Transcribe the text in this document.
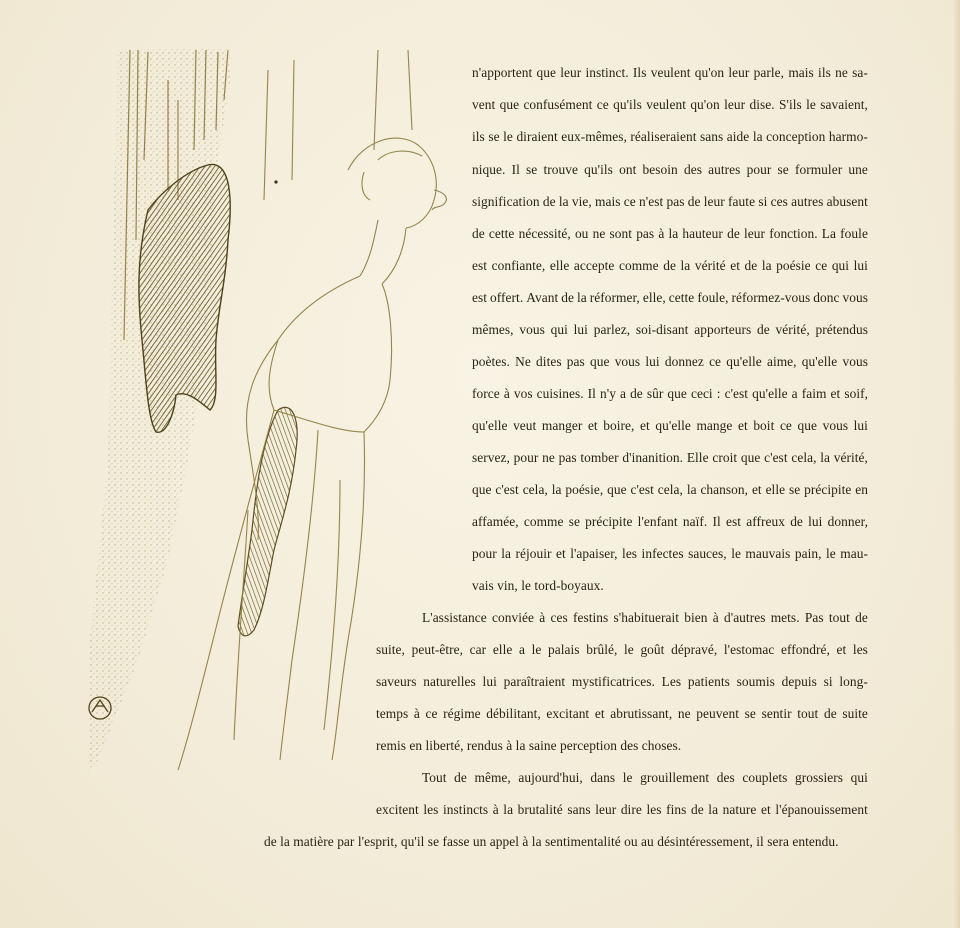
n'apportent que leur instinct. Ils veulent qu'on leur parle, mais ils ne sa-
vent que confusément ce qu'ils veulent qu'on leur dise. S'ils le savaient,
ils se le diraient eux-mêmes, réaliseraient sans aide la conception harmo-
nique. Il se trouve qu'ils ont besoin des autres pour se formuler une
signification de la vie, mais ce n'est pas de leur faute si ces autres abusent
de cette nécessité, ou ne sont pas à la hauteur de leur fonction. La foule
est confiante, elle accepte comme de la vérité et de la poésie ce qui lui
est offert. Avant de la réformer, elle, cette foule, réformez-vous donc vous
mêmes, vous qui lui parlez, soi-disant apporteurs de vérité, prétendus
poètes. Ne dites pas que vous lui donnez ce qu'elle aime, qu'elle vous
force à vos cuisines. Il n'y a de sûr que ceci : c'est qu'elle a faim et soif,
qu'elle veut manger et boire, et qu'elle mange et boit ce que vous lui
servez, pour ne pas tomber d'inanition. Elle croit que c'est cela, la vérité,
que c'est cela, la poésie, que c'est cela, la chanson, et elle se précipite en
affamée, comme se précipite l'enfant naïf. Il est affreux de lui donner,
pour la réjouir et l'apaiser, les infectes sauces, le mauvais pain, le mau-
vais vin, le tord-boyaux.
L'assistance conviée à ces festins s'habituerait bien à d'autres mets. Pas tout de
suite, peut-être, car elle a le palais brûlé, le goût dépravé, l'estomac effondré, et les
saveurs naturelles lui paraîtraient mystificatrices. Les patients soumis depuis si long-
temps à ce régime débilitant, excitant et abrutissant, ne peuvent se sentir tout de suite
remis en liberté, rendus à la saine perception des choses.
Tout de même, aujourd'hui, dans le grouillement des couplets grossiers qui
excitent les instincts à la brutalité sans leur dire les fins de la nature et l'épanouissement
de la matière par l'esprit, qu'il se fasse un appel à la sentimentalité ou au désintéressement, il sera entendu.
